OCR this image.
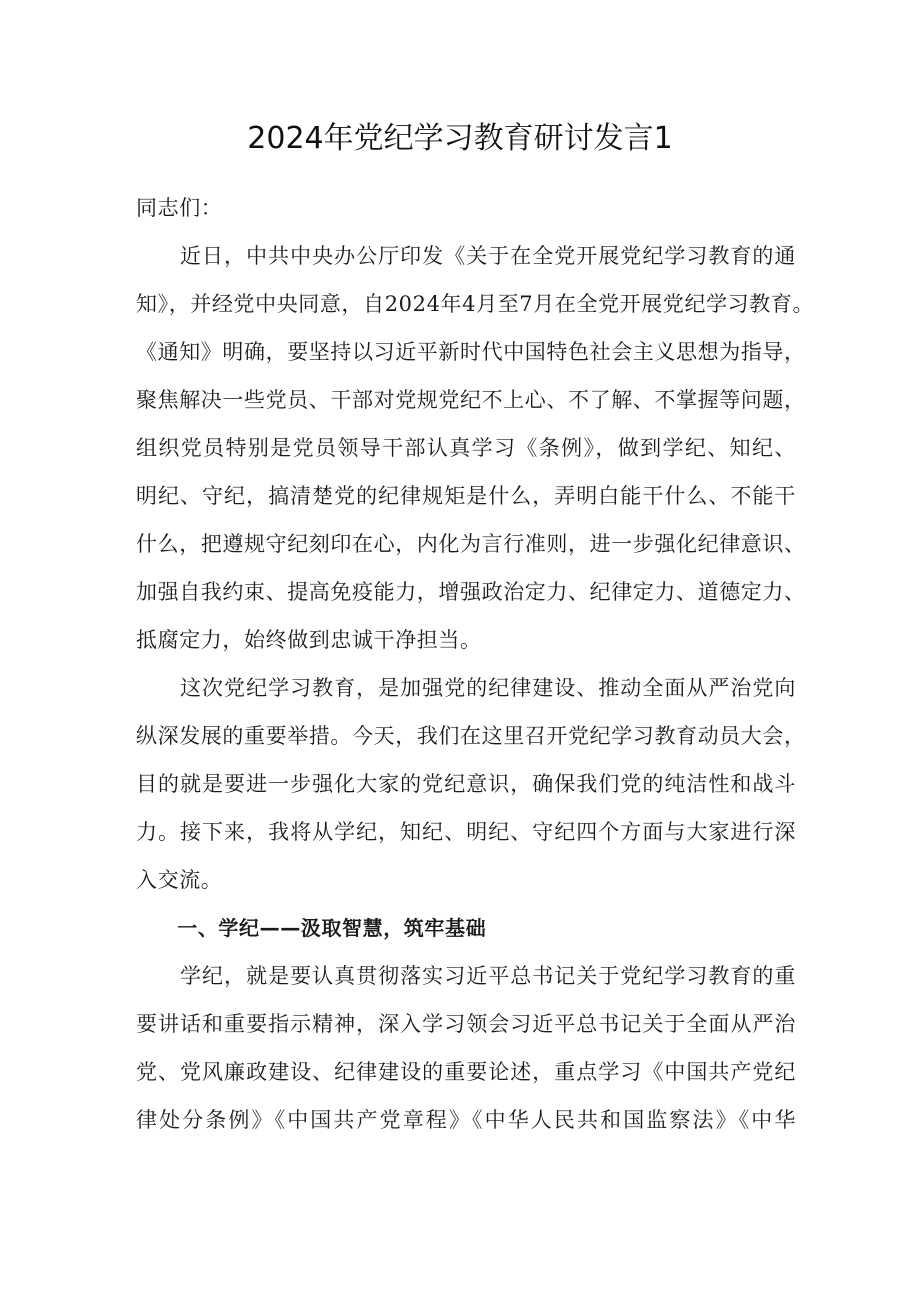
2024年党纪学习教育研讨发言1
同志们：
　　近日，中共中央办公厅印发《关于在全党开展党纪学习教育的通
知》，并经党中央同意，自2024年4月至7月在全党开展党纪学习教育。
《通知》明确，要坚持以习近平新时代中国特色社会主义思想为指导，
聚焦解决一些党员、干部对党规党纪不上心、不了解、不掌握等问题，
组织党员特别是党员领导干部认真学习《条例》，做到学纪、知纪、
明纪、守纪，搞清楚党的纪律规矩是什么，弄明白能干什么、不能干
什么，把遵规守纪刻印在心，内化为言行准则，进一步强化纪律意识、
加强自我约束、提高免疫能力，增强政治定力、纪律定力、道德定力、
抵腐定力，始终做到忠诚干净担当。
　　这次党纪学习教育，是加强党的纪律建设、推动全面从严治党向
纵深发展的重要举措。今天，我们在这里召开党纪学习教育动员大会，
目的就是要进一步强化大家的党纪意识，确保我们党的纯洁性和战斗
力。接下来，我将从学纪，知纪、明纪、守纪四个方面与大家进行深
入交流。
　　一、学纪——汲取智慧，筑牢基础
　　学纪，就是要认真贯彻落实习近平总书记关于党纪学习教育的重
要讲话和重要指示精神，深入学习领会习近平总书记关于全面从严治
党、党风廉政建设、纪律建设的重要论述，重点学习《中国共产党纪
律处分条例》《中国共产党章程》《中华人民共和国监察法》《中华
